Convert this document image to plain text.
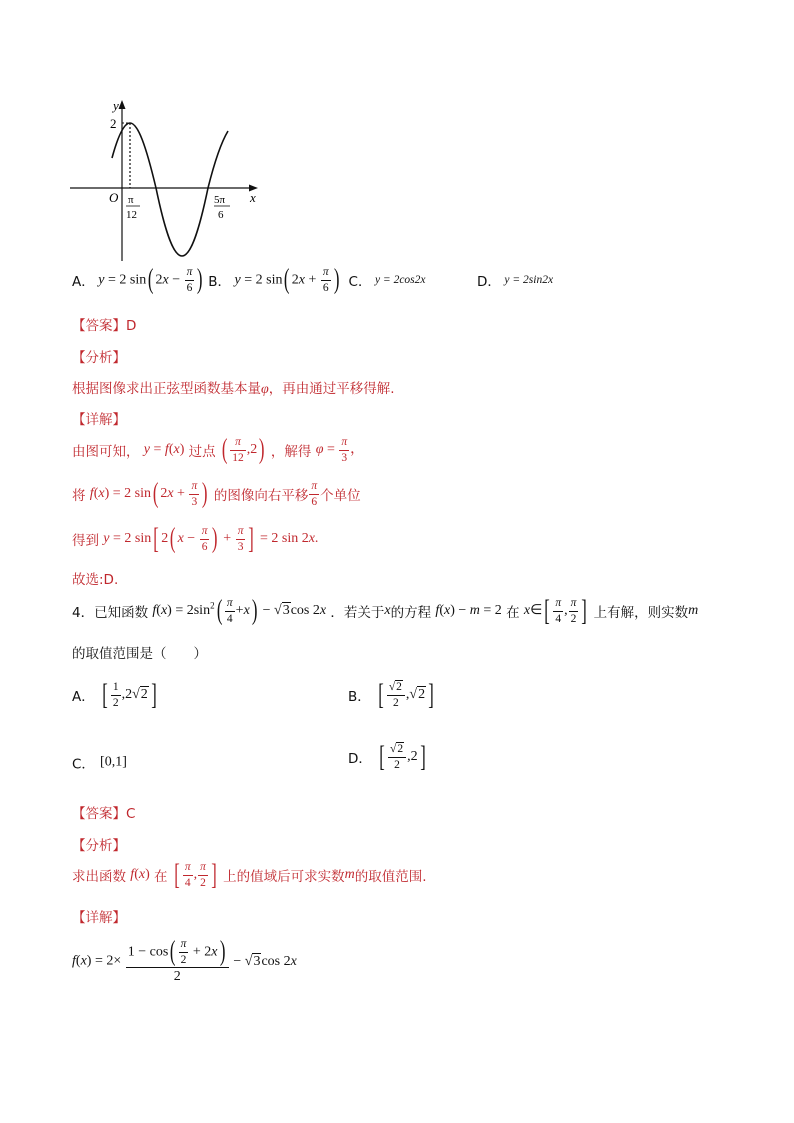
y
2
O	x
π
12
5π
6
A． y = 2 sin( $2x - \frac{\pi}{6}$ ) B． y = 2 sin( $2x + \frac{\pi}{6}$ ) C． y = 2cos2x	D． y = 2sin2x
【答案】D
【分析】
根据图像求出正弦型函数基本量φ，再由通过平移得解.
【详解】
由图可知， y = f(x) 过点 ( $\frac{\pi}{12} ,2$) ，解得 $\varphi = \frac{\pi}{3}$ ，
将 f(x) = 2 sin( $2x + \frac{\pi}{3}$ ) 的图像向右平移 $\frac{\pi}{6}$ 个单位
得到 y = 2 sin[ 2( $x - \frac{\pi}{6}$ ) + $\frac{\pi}{3}$ ] = 2 sin 2x.
故选:D.
4．已知函数 $f(x) = 2\sin^2( \frac{\pi}{4} +x) - √3\cos$ 2x ．若关于x的方程 f(x) − m = 2 在 x∈[ $\frac{\pi}{4}$ , $\frac{\pi}{2}$ ] 上有解，则实数m
的取值范围是（　　）
A． [ $\frac{1}{2} ,2√2$ ]	B． [ $\frac{√2}{2} ,√2$ ]
C． [0,1]	D． [ $\frac{√2}{2} ,2$]
【答案】C
【分析】
求出函数 f(x) 在 [ $\frac{\pi}{4}$ , $\frac{\pi}{2}$ ] 上的值域后可求实数m的取值范围.
【详解】
$f(x) = 2\times \frac{1 - \cos( \frac{\pi}{2} + 2x)}{2} - √3\cos$ 2x
